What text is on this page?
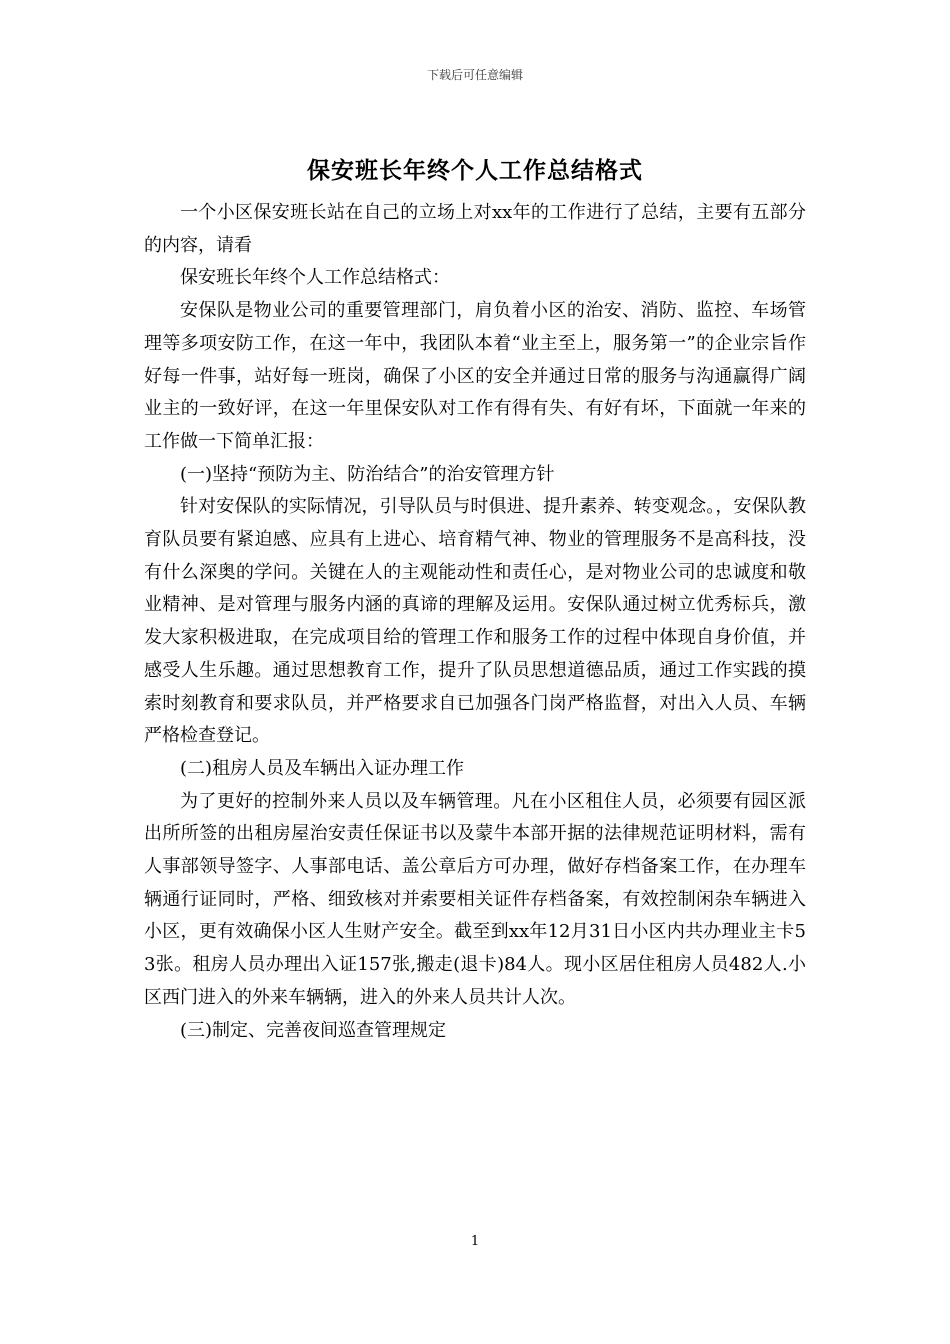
下载后可任意编辑
保安班长年终个人工作总结格式

一个小区保安班长站在自己的立场上对xx年的工作进行了总结，主要有五部分的内容，请看

保安班长年终个人工作总结格式：

安保队是物业公司的重要管理部门，肩负着小区的治安、消防、监控、车场管理等多项安防工作，在这一年中，我团队本着“业主至上，服务第一”的企业宗旨作好每一件事，站好每一班岗，确保了小区的安全并通过日常的服务与沟通赢得广阔业主的一致好评，在这一年里保安队对工作有得有失、有好有坏，下面就一年来的工作做一下简单汇报：

(一)坚持“预防为主、防治结合”的治安管理方针

针对安保队的实际情况，引导队员与时俱进、提升素养、转变观念。，安保队教育队员要有紧迫感、应具有上进心、培育精气神、物业的管理服务不是高科技，没有什么深奥的学问。关键在人的主观能动性和责任心，是对物业公司的忠诚度和敬业精神、是对管理与服务内涵的真谛的理解及运用。安保队通过树立优秀标兵，激发大家积极进取，在完成项目给的管理工作和服务工作的过程中体现自身价值，并感受人生乐趣。通过思想教育工作，提升了队员思想道德品质，通过工作实践的摸索时刻教育和要求队员，并严格要求自已加强各门岗严格监督，对出入人员、车辆严格检查登记。

(二)租房人员及车辆出入证办理工作

为了更好的控制外来人员以及车辆管理。凡在小区租住人员，必须要有园区派出所所签的出租房屋治安责任保证书以及蒙牛本部开据的法律规范证明材料，需有人事部领导签字、人事部电话、盖公章后方可办理，做好存档备案工作，在办理车辆通行证同时，严格、细致核对并索要相关证件存档备案，有效控制闲杂车辆进入小区，更有效确保小区人生财产安全。截至到xx年12月31日小区内共办理业主卡53张。租房人员办理出入证157张,搬走(退卡)84人。现小区居住租房人员482人.小区西门进入的外来车辆辆，进入的外来人员共计人次。

(三)制定、完善夜间巡查管理规定

1
